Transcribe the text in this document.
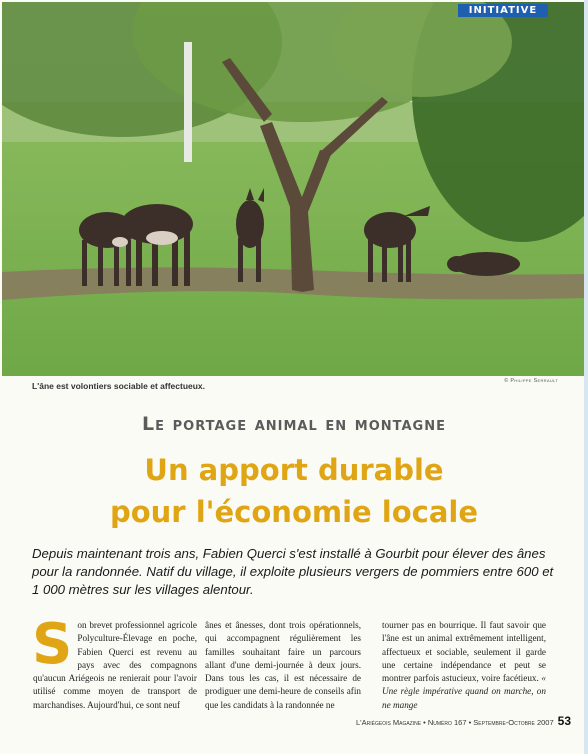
INITIATIVE
L'âne est volontiers sociable et affectueux.	© Philippe Serrault
Le portage animal en montagne
Un apport durable
pour l'économie locale
Depuis maintenant trois ans, Fabien Querci s'est installé à Gourbit pour élever des ânes pour la randonnée. Natif du village, il exploite plusieurs vergers de pommiers entre 600 et 1 000 mètres sur les villages alentour.
S on brevet professionnel agricole Polyculture-Élevage en poche, Fabien Querci est revenu au pays avec des compagnons qu'aucun Ariégeois ne renierait pour l'avoir utilisé comme moyen de transport de marchandises. Aujourd'hui, ce sont neuf

ânes et ânesses, dont trois opérationnels, qui accompagnent régulièrement les familles souhaitant faire un parcours allant d'une demi-journée à deux jours. Dans tous les cas, il est nécessaire de prodiguer une demi-heure de conseils afin que les candidats à la randonnée ne

tourner pas en bourrique. Il faut savoir que l'âne est un animal extrêmement intelligent, affectueux et sociable, seulement il garde une certaine indépendance et peut se montrer parfois astucieux, voire facétieux. « Une règle impérative quand on marche, on ne mange

L'Ariégeois Magazine • Numéro 167 • Septembre-Octobre 2007 53
